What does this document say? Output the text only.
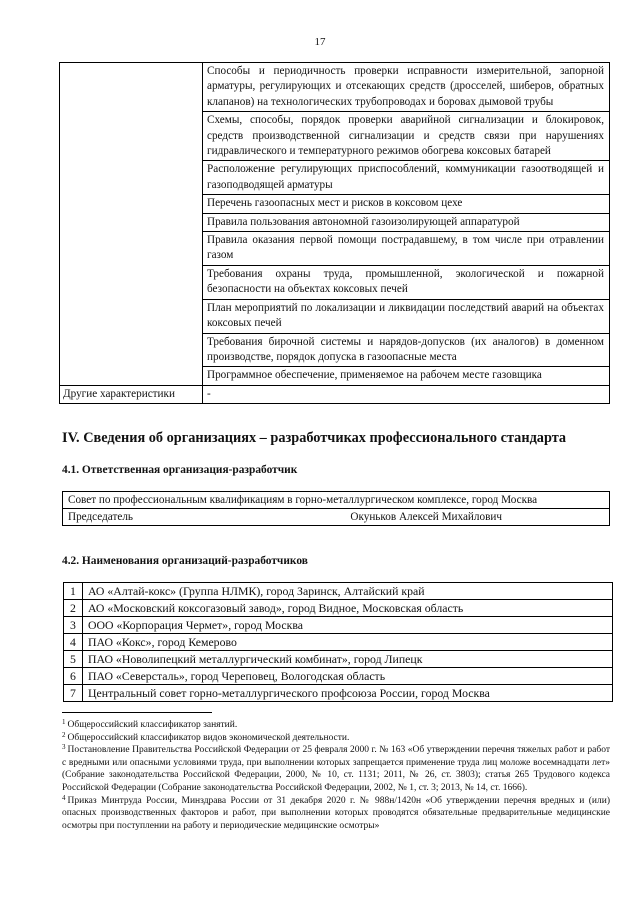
17
	Способы и периодичность проверки исправности измерительной, запорной арматуры, регулирующих и отсекающих средств (дросселей, шиберов, обратных клапанов) на технологических трубопроводах и боровах дымовой трубы
	Схемы, способы, порядок проверки аварийной сигнализации и блокировок, средств производственной сигнализации и средств связи при нарушениях гидравлического и температурного режимов обогрева коксовых батарей
	Расположение регулирующих приспособлений, коммуникации газоотводящей и газоподводящей арматуры
	Перечень газоопасных мест и рисков в коксовом цехе
	Правила пользования автономной газоизолирующей аппаратурой
	Правила оказания первой помощи пострадавшему, в том числе при отравлении газом
	Требования охраны труда, промышленной, экологической и пожарной безопасности на объектах коксовых печей
	План мероприятий по локализации и ликвидации последствий аварий на объектах коксовых печей
	Требования бирочной системы и нарядов-допусков (их аналогов) в доменном производстве, порядок допуска в газоопасные места
	Программное обеспечение, применяемое на рабочем месте газовщика
Другие характеристики	-
IV. Сведения об организациях – разработчиках профессионального стандарта
4.1. Ответственная организация-разработчик
Совет по профессиональным квалификациям в горно-металлургическом комплексе, город Москва

Председатель	Окуньков Алексей Михайлович
4.2. Наименования организаций-разработчиков
1	АО «Алтай-кокс» (Группа НЛМК), город Заринск, Алтайский край
2	АО «Московский коксогазовый завод», город Видное, Московская область
3	ООО «Корпорация Чермет», город Москва
4	ПАО «Кокс», город Кемерово
5	ПАО «Новолипецкий металлургический комбинат», город Липецк
6	ПАО «Северсталь», город Череповец, Вологодская область
7	Центральный совет горно-металлургического профсоюза России, город Москва

$^1$ Общероссийский классификатор занятий.

$^2$ Общероссийский классификатор видов экономической деятельности.

$^3$ Постановление Правительства Российской Федерации от 25 февраля 2000 г. № 163 «Об утверждении перечня тяжелых работ и работ с вредными или опасными условиями труда, при выполнении которых запрещается применение труда лиц моложе восемнадцати лет» (Собрание законодательства Российской Федерации, 2000, № 10, ст. 1131; 2011, № 26, ст. 3803); статья 265 Трудового кодекса Российской Федерации (Собрание законодательства Российской Федерации, 2002, № 1, ст. 3; 2013, № 14, ст. 1666).

$^4$ Приказ Минтруда России, Минздрава России от 31 декабря 2020 г. № 988н/1420н «Об утверждении перечня вредных и (или) опасных производственных факторов и работ, при выполнении которых проводятся обязательные предварительные медицинские осмотры при поступлении на работу и периодические медицинские осмотры»
